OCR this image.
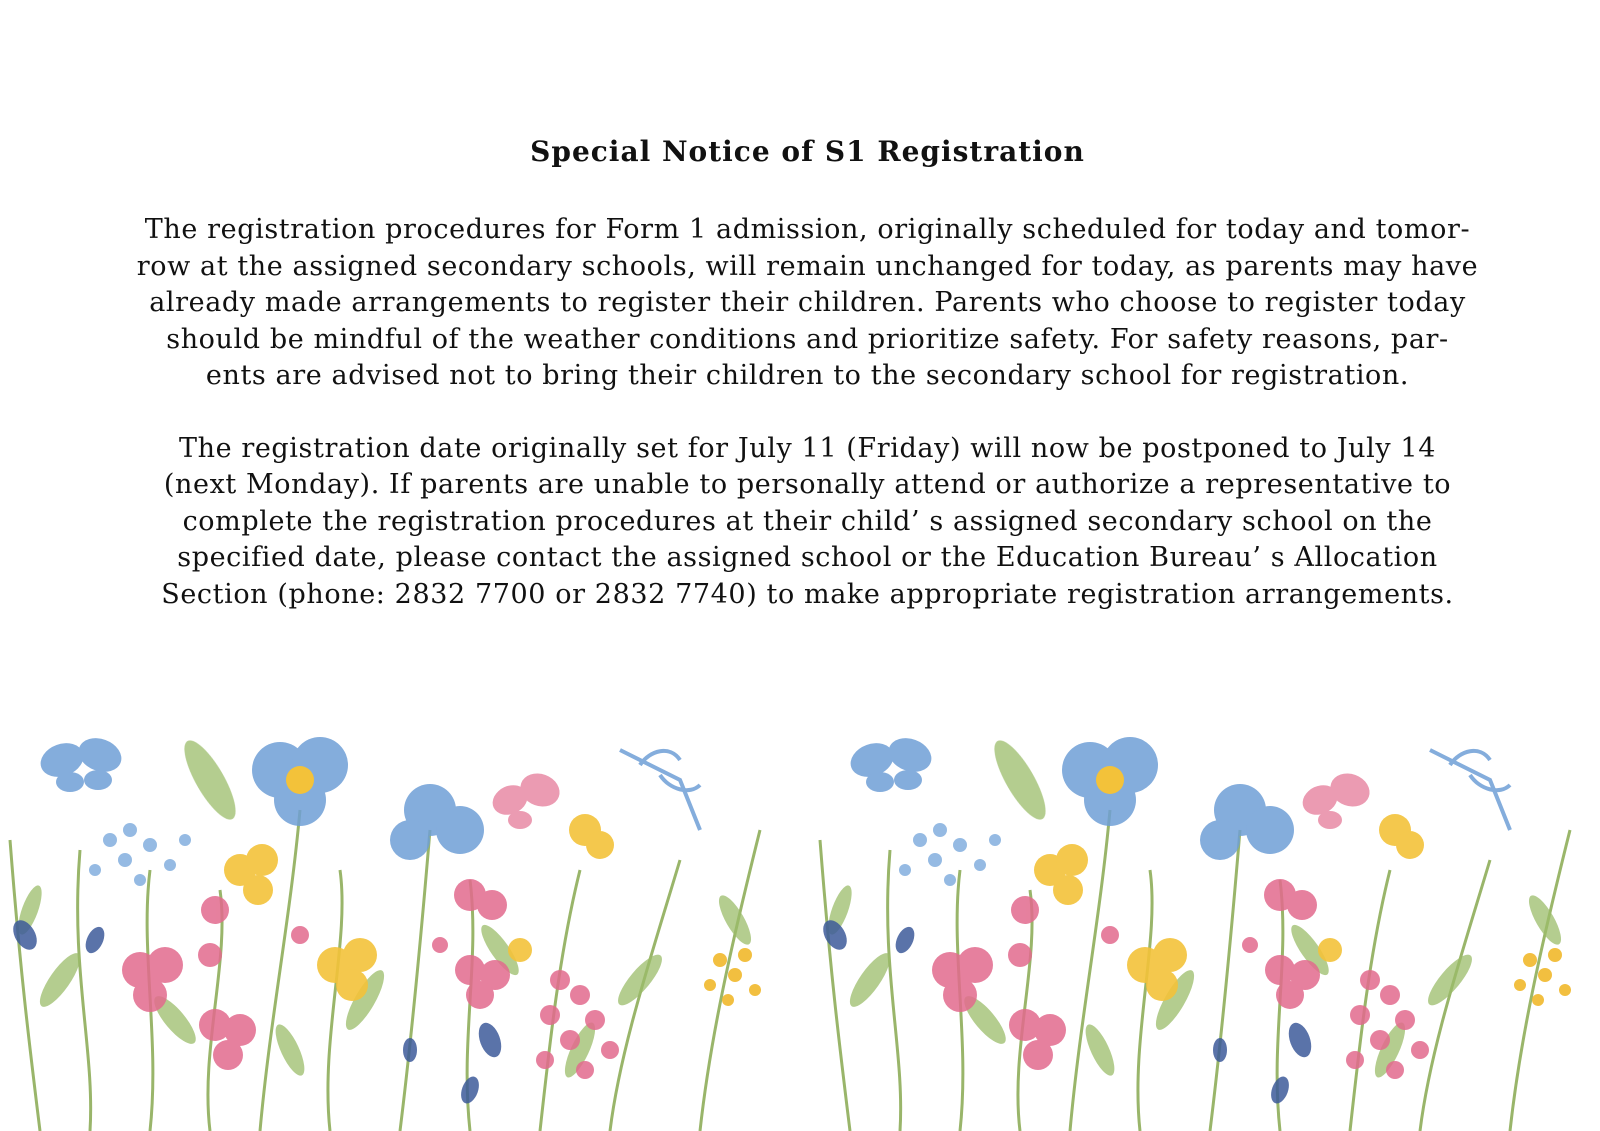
Special Notice of S1 Registration

The registration procedures for Form 1 admission, originally scheduled for today and tomor-
row at the assigned secondary schools, will remain unchanged for today, as parents may have
already made arrangements to register their children. Parents who choose to register today
should be mindful of the weather conditions and prioritize safety. For safety reasons, par-
ents are advised not to bring their children to the secondary school for registration.

The registration date originally set for July 11 (Friday) will now be postponed to July 14
(next Monday). If parents are unable to personally attend or authorize a representative to
complete the registration procedures at their child’ s assigned secondary school on the
specified date, please contact the assigned school or the Education Bureau’ s Allocation
Section (phone: 2832 7700 or 2832 7740) to make appropriate registration arrangements.
